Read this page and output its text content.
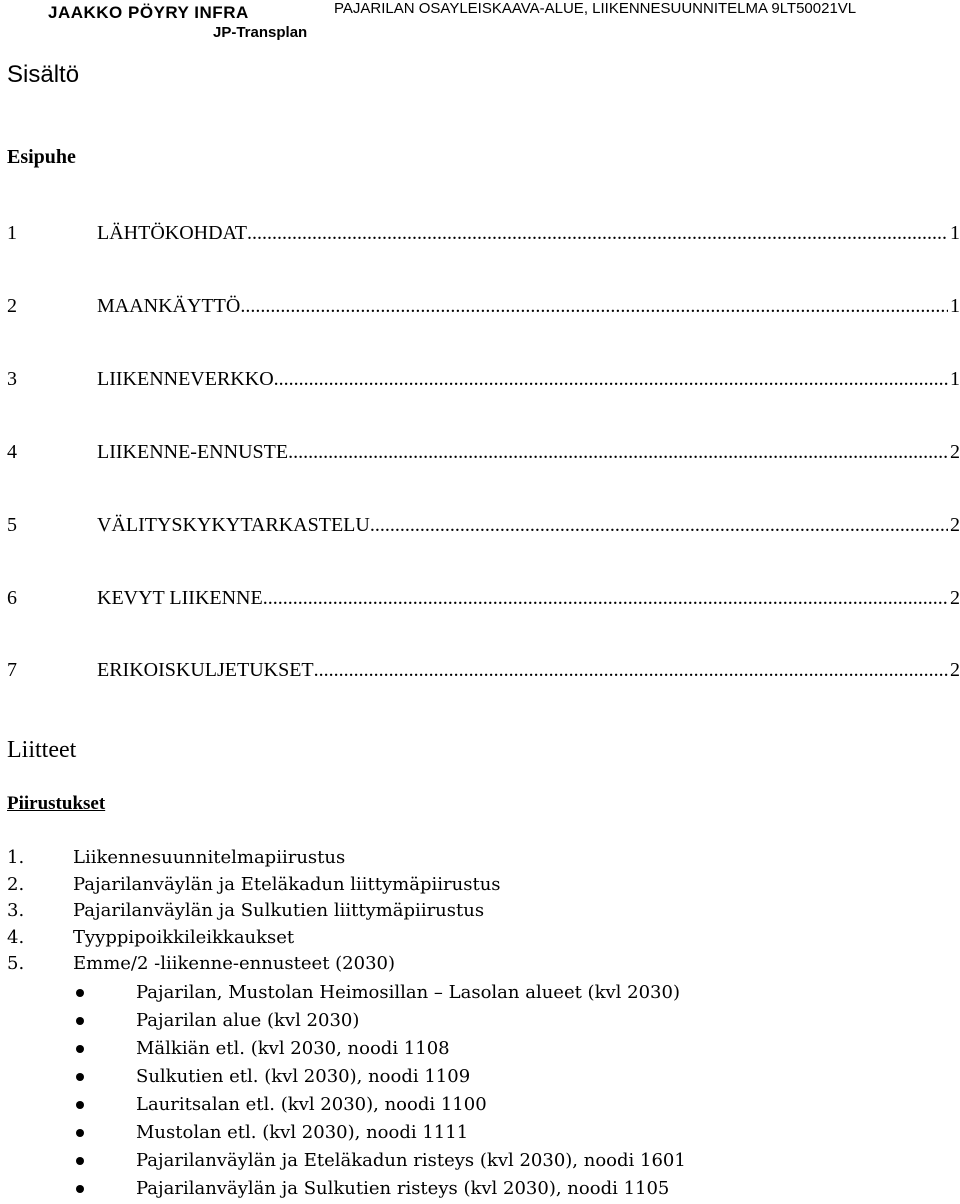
JAAKKO PÖYRY INFRA
JP-Transplan
PAJARILAN OSAYLEISKAAVA-ALUE, LIIKENNESUUNNITELMA 9LT50021VL
Sisältö
Esipuhe
1	LÄHTÖKOHDAT .....	1
2	MAANKÄYTTÖ .....	1
3	LIIKENNEVERKKO .....	1
4	LIIKENNE-ENNUSTE .....	2
5	VÄLITYSKYKYTARKASTELU .....	2
6	KEVYT LIIKENNE .....	2
7	ERIKOISKULJETUKSET .....	2
Liitteet
Piirustukset
1.	Liikennesuunnitelmapiirustus
2.	Pajarilanväylän ja Eteläkadun liittymäpiirustus
3.	Pajarilanväylän ja Sulkutien liittymäpiirustus
4.	Tyyppipoikkileikkaukset
5.	Emme/2 -liikenne-ennusteet (2030)
Pajarilan, Mustolan Heimosillan – Lasolan alueet (kvl 2030)
Pajarilan alue (kvl 2030)
Mälkiän etl. (kvl 2030, noodi 1108
Sulkutien etl. (kvl 2030), noodi 1109
Lauritsalan etl. (kvl 2030), noodi 1100
Mustolan etl. (kvl 2030), noodi 1111
Pajarilanväylän ja Eteläkadun risteys (kvl 2030), noodi 1601
Pajarilanväylän ja Sulkutien risteys (kvl 2030), noodi 1105
